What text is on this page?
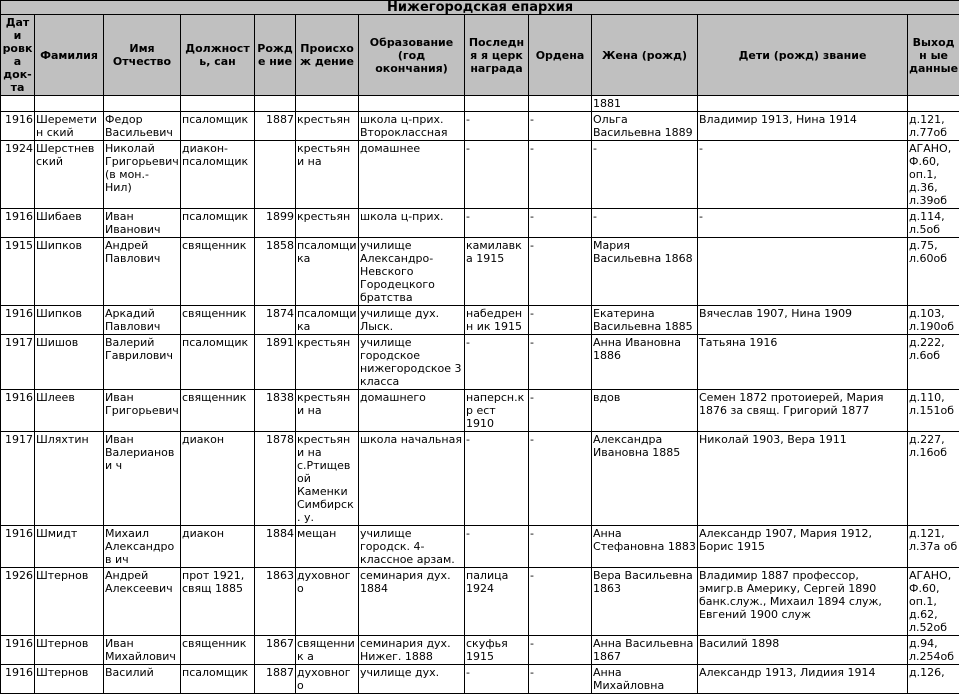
Нижегородская епархия											
Дати ровк а док-та	Фамилия	Имя Отчество	Должность, сан	Рожде ние	Происхож дение	Образование (год окончания)	Последня я церк награда	Ордена	Жена (рожд)	Дети (рожд) звание	Выходн ые данные
									1881		
1916	Шереметин ский	Федор Васильевич	псаломщик	1887	крестьян	школа ц-прих. Второклассная	-	-	Ольга Васильевна 1889	Владимир 1913, Нина 1914	д.121, л.77об
1924	Шерстнев ский	Николай Григорьевич (в мон.- Нил)	диакон- псаломщик		крестьяни на	домашнее	-	-	-	-	АГАНО, Ф.60, оп.1, д.36, л.39об
1916	Шибаев	Иван Иванович	псаломщик	1899	крестьян	школа ц-прих.	-	-	-	-	д.114, л.5об
1915	Шипков	Андрей Павлович	священник	1858	псаломщи ка	училище Александро- Невского Городецкого братства	камилавка 1915	-	Мария Васильевна 1868		д.75, л.60об
1916	Шипков	Аркадий Павлович	священник	1874	псаломщи ка	училище дух. Лыск.	набедренн ик 1915	-	Екатерина Васильевна 1885	Вячеслав 1907, Нина 1909	д.103, л.190об
1917	Шишов	Валерий Гаврилович	псаломщик	1891	крестьян	училище городское нижегородское 3 класса	-	-	Анна Ивановна 1886	Татьяна 1916	д.222, л.6об
1916	Шлеев	Иван Григорьевич	священник	1838	крестьяни на	домашнего	наперсн.кр ест 1910	-	вдов	Семен 1872 протоиерей, Мария 1876 за свящ. Григорий 1877	д.110, л.151об
1917	Шляхтин	Иван Валерианови ч	диакон	1878	крестьяни на с.Ртищевой Каменки Симбирск. у.	школа начальная	-	-	Александра Ивановна 1885	Николай 1903, Вера 1911	д.227, л.16об
1916	Шмидт	Михаил Александров ич	диакон	1884	мещан	училище городск. 4-класcное арзам.	-	-	Анна Стефановна 1883	Александр 1907, Мария 1912, Борис 1915	д.121, л.37а об
1926	Штернов	Андрей Алексеевич	прот 1921, свящ 1885	1863	духовного	семинария дух. 1884	палица 1924	-	Вера Васильевна 1863	Владимир 1887 профессор, эмигр.в Америку, Сергей 1890 банк.служ., Михаил 1894 служ, Евгений 1900 служ	АГАНО, Ф.60, оп.1, д.62, л.52об
1916	Штернов	Иван Михайлович	священник	1867	священник а	семинария дух. Нижег. 1888	скуфья 1915	-	Анна Васильевна 1867	Василий 1898	д.94, л.254об
1916	Штернов	Василий	псаломщик	1887	духовного	училище дух.	-	-	Анна Михайловна	Александр 1913, Лидиия 1914	д.126,
